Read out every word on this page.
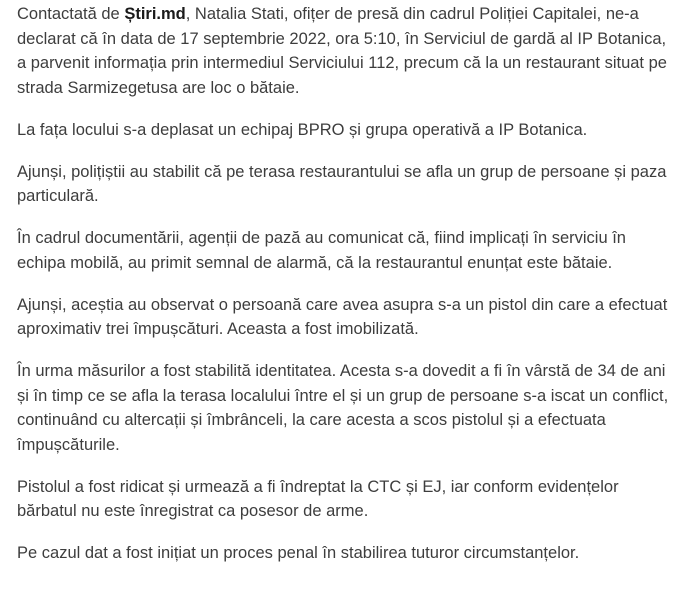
Contactată de Știri.md, Natalia Stati, ofițer de presă din cadrul Poliției Capitalei, ne-a declarat că în data de 17 septembrie 2022, ora 5:10, în Serviciul de gardă al IP Botanica, a parvenit informația prin intermediul Serviciului 112, precum că la un restaurant situat pe strada Sarmizegetusa are loc o bătaie.

La fața locului s-a deplasat un echipaj BPRO și grupa operativă a IP Botanica.

Ajunși, polițiștii au stabilit că pe terasa restaurantului se afla un grup de persoane și paza particulară.

În cadrul documentării, agenții de pază au comunicat că, fiind implicați în serviciu în echipa mobilă, au primit semnal de alarmă, că la restaurantul enunțat este bătaie.

Ajunși, aceștia au observat o persoană care avea asupra s-a un pistol din care a efectuat aproximativ trei împușcături. Aceasta a fost imobilizată.

În urma măsurilor a fost stabilită identitatea. Acesta s-a dovedit a fi în vârstă de 34 de ani și în timp ce se afla la terasa localului între el și un grup de persoane s-a iscat un conflict, continuând cu altercații și îmbrânceli, la care acesta a scos pistolul și a efectuata împușcăturile.

Pistolul a fost ridicat și urmează a fi îndreptat la CTC și EJ, iar conform evidențelor bărbatul nu este înregistrat ca posesor de arme.

Pe cazul dat a fost inițiat un proces penal în stabilirea tuturor circumstanțelor.
